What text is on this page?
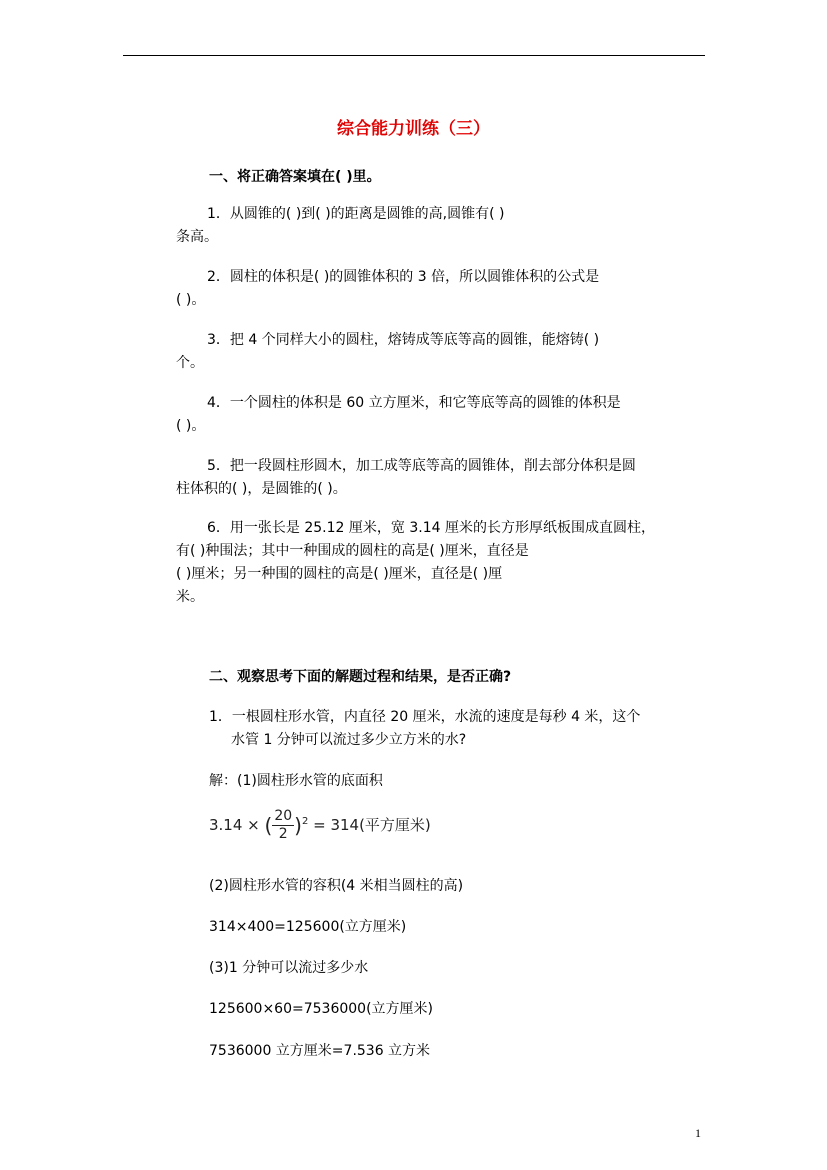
综合能力训练（三）
一、将正确答案填在( )里。
1．从圆锥的( )到( )的距离是圆锥的高,圆锥有( )
条高。
2．圆柱的体积是( )的圆锥体积的 3 倍，所以圆锥体积的公式是
( )。
3．把 4 个同样大小的圆柱，熔铸成等底等高的圆锥，能熔铸( )
个。
4．一个圆柱的体积是 60 立方厘米，和它等底等高的圆锥的体积是
( )。
5．把一段圆柱形圆木，加工成等底等高的圆锥体，削去部分体积是圆
柱体积的( )，是圆锥的( )。
6．用一张长是 25.12 厘米，宽 3.14 厘米的长方形厚纸板围成直圆柱，
有( )种围法；其中一种围成的圆柱的高是( )厘米，直径是
( )厘米；另一种围的圆柱的高是( )厘米，直径是( )厘
米。
二、观察思考下面的解题过程和结果，是否正确?
1．一根圆柱形水管，内直径 20 厘米，水流的速度是每秒 4 米，这个
水管 1 分钟可以流过多少立方米的水?
解：(1)圆柱形水管的底面积
3.14 × ( $\frac{20}{2} )^2 = 314$(平方厘米)
(2)圆柱形水管的容积(4 米相当圆柱的高)
314×400=125600(立方厘米)
(3)1 分钟可以流过多少水
125600×60=7536000(立方厘米)
7536000 立方厘米=7.536 立方米
1
